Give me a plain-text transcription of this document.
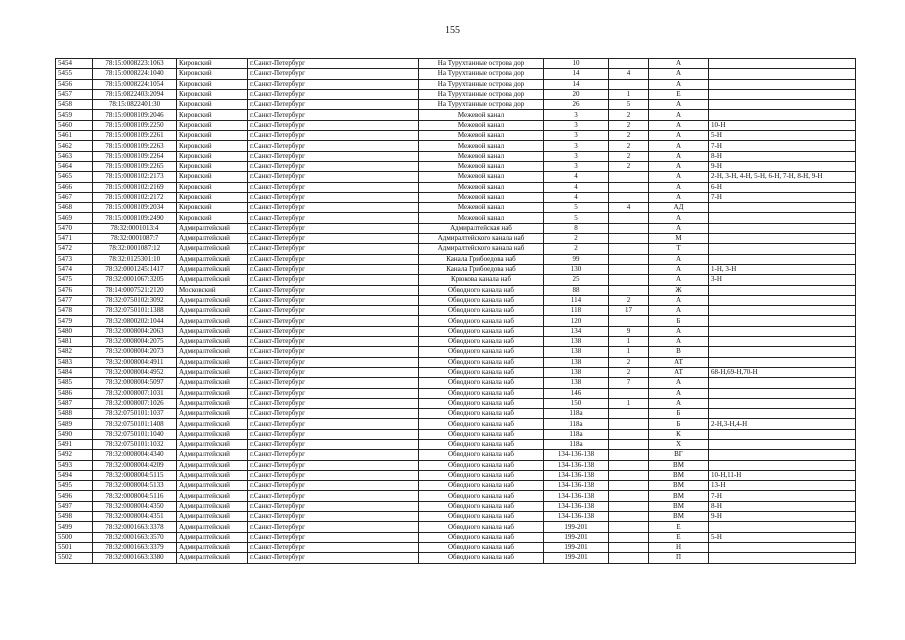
155
5454	78:15:0008223:1063	Кировский	г.Санкт-Петербург	На Турухтанные острова дор	10		А	
5455	78:15:0008224:1040	Кировский	г.Санкт-Петербург	На Турухтанные острова дор	14	4	А	
5456	78:15:0008224:1054	Кировский	г.Санкт-Петербург	На Турухтанные острова дор	14		А	
5457	78:15:0822403:2094	Кировский	г.Санкт-Петербург	На Турухтанные острова дор	20	1	Е	
5458	78:15:0822401:30	Кировский	г.Санкт-Петербург	На Турухтанные острова дор	26	5	А	
5459	78:15:0008109:2046	Кировский	г.Санкт-Петербург	Межевой канал	3	2	А	
5460	78:15:0008109:2250	Кировский	г.Санкт-Петербург	Межевой канал	3	2	А	10-Н
5461	78:15:0008109:2261	Кировский	г.Санкт-Петербург	Межевой канал	3	2	А	5-Н
5462	78:15:0008109:2263	Кировский	г.Санкт-Петербург	Межевой канал	3	2	А	7-Н
5463	78:15:0008109:2264	Кировский	г.Санкт-Петербург	Межевой канал	3	2	А	8-Н
5464	78:15:0008109:2265	Кировский	г.Санкт-Петербург	Межевой канал	3	2	А	9-Н
5465	78:15:0008102:2173	Кировский	г.Санкт-Петербург	Межевой канал	4		А	2-Н, 3-Н, 4-Н, 5-Н, 6-Н, 7-Н, 8-Н, 9-Н
5466	78:15:0008102:2169	Кировский	г.Санкт-Петербург	Межевой канал	4		А	6-Н
5467	78:15:0008102:2172	Кировский	г.Санкт-Петербург	Межевой канал	4		А	7-Н
5468	78:15:0008109:2034	Кировский	г.Санкт-Петербург	Межевой канал	5	4	АД	
5469	78:15:0008109:2490	Кировский	г.Санкт-Петербург	Межевой канал	5		А	
5470	78:32:0001013:4	Адмиралтейский	г.Санкт-Петербург	Адмиралтейская наб	8		А	
5471	78:32:0001087:7	Адмиралтейский	г.Санкт-Петербург	Адмиралтейского канала наб	2		М	
5472	78:32:0001087:12	Адмиралтейский	г.Санкт-Петербург	Адмиралтейского канала наб	2		Т	
5473	78:32:0125301:10	Адмиралтейский	г.Санкт-Петербург	Канала Грибоедова наб	99		А	
5474	78:32:0001245:1417	Адмиралтейский	г.Санкт-Петербург	Канала Грибоедова наб	130		А	1-Н, 3-Н
5475	78:32:0001067:3205	Адмиралтейский	г.Санкт-Петербург	Крюкова канала наб	25		А	3-Н
5476	78:14:0007521:2120	Московский	г.Санкт-Петербург	Обводного канала наб	88		Ж	
5477	78:32:0750102:3092	Адмиралтейский	г.Санкт-Петербург	Обводного канала наб	114	2	А	
5478	78:32:0750101:1388	Адмиралтейский	г.Санкт-Петербург	Обводного канала наб	118	17	А	
5479	78:32:0800202:1044	Адмиралтейский	г.Санкт-Петербург	Обводного канала наб	120		Б	
5480	78:32:0008004:2063	Адмиралтейский	г.Санкт-Петербург	Обводного канала наб	134	9	А	
5481	78:32:0008004:2075	Адмиралтейский	г.Санкт-Петербург	Обводного канала наб	138	1	А	
5482	78:32:0008004:2073	Адмиралтейский	г.Санкт-Петербург	Обводного канала наб	138	1	В	
5483	78:32:0008004:4911	Адмиралтейский	г.Санкт-Петербург	Обводного канала наб	138	2	АТ	
5484	78:32:0008004:4952	Адмиралтейский	г.Санкт-Петербург	Обводного канала наб	138	2	АТ	68-Н,69-Н,70-Н
5485	78:32:0008004:5097	Адмиралтейский	г.Санкт-Петербург	Обводного канала наб	138	7	А	
5486	78:32:0008007:1031	Адмиралтейский	г.Санкт-Петербург	Обводного канала наб	146		А	
5487	78:32:0008007:1026	Адмиралтейский	г.Санкт-Петербург	Обводного канала наб	150	1	А	
5488	78:32:0750101:1037	Адмиралтейский	г.Санкт-Петербург	Обводного канала наб	118а		Б	
5489	78:32:0750101:1408	Адмиралтейский	г.Санкт-Петербург	Обводного канала наб	118а		Б	2-Н,3-Н,4-Н
5490	78:32:0750101:1040	Адмиралтейский	г.Санкт-Петербург	Обводного канала наб	118а		К	
5491	78:32:0750101:1032	Адмиралтейский	г.Санкт-Петербург	Обводного канала наб	118а		Х	
5492	78:32:0008004:4340	Адмиралтейский	г.Санкт-Петербург	Обводного канала наб	134-136-138		ВГ	
5493	78:32:0008004:4209	Адмиралтейский	г.Санкт-Петербург	Обводного канала наб	134-136-138		ВМ	
5494	78:32:0008004:5115	Адмиралтейский	г.Санкт-Петербург	Обводного канала наб	134-136-138		ВМ	10-Н,11-Н
5495	78:32:0008004:5133	Адмиралтейский	г.Санкт-Петербург	Обводного канала наб	134-136-138		ВМ	13-Н
5496	78:32:0008004:5116	Адмиралтейский	г.Санкт-Петербург	Обводного канала наб	134-136-138		ВМ	7-Н
5497	78:32:0008004:4350	Адмиралтейский	г.Санкт-Петербург	Обводного канала наб	134-136-138		ВМ	8-Н
5498	78:32:0008004:4351	Адмиралтейский	г.Санкт-Петербург	Обводного канала наб	134-136-138		ВМ	9-Н
5499	78:32:0001663:3378	Адмиралтейский	г.Санкт-Петербург	Обводного канала наб	199-201		Е	
5500	78:32:0001663:3570	Адмиралтейский	г.Санкт-Петербург	Обводного канала наб	199-201		Е	5-Н
5501	78:32:0001663:3379	Адмиралтейский	г.Санкт-Петербург	Обводного канала наб	199-201		Н	
5502	78:32:0001663:3380	Адмиралтейский	г.Санкт-Петербург	Обводного канала наб	199-201		П	
